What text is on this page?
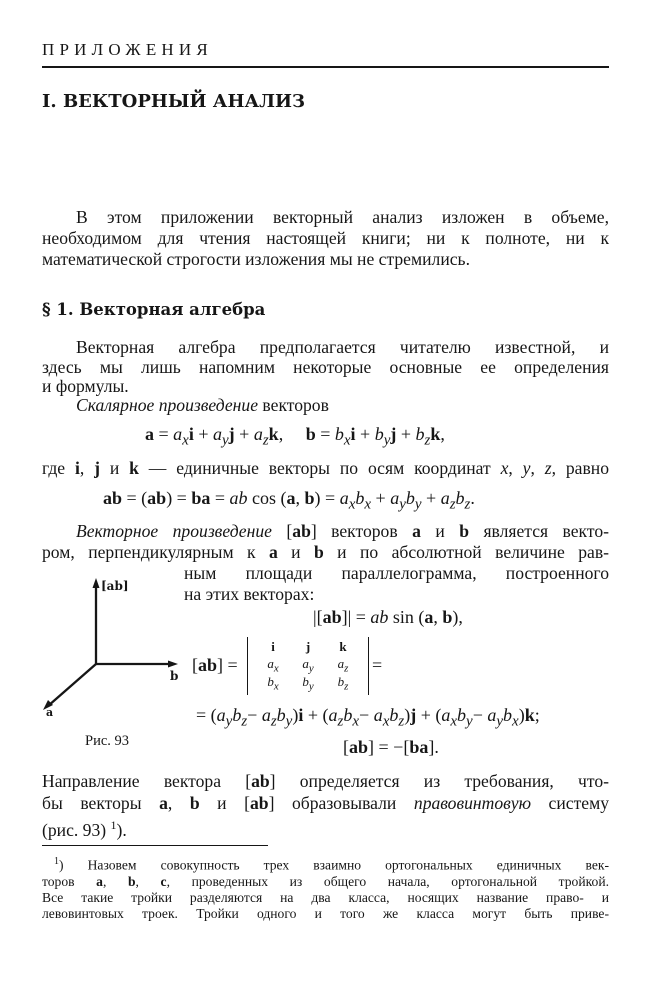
ПРИЛОЖЕНИЯ
I. ВЕКТОРНЫЙ АНАЛИЗ
В этом приложении векторный анализ изложен в объеме,
необходимом для чтения настоящей книги; ни к полноте, ни к
математической строгости изложения мы не стремились.
§ 1. Векторная алгебра
Векторная алгебра предполагается читателю известной, и
здесь мы лишь напомним некоторые основные ее определения
и формулы.
Скалярное произведение векторов
$a = a_xi + a_yj + a_zk$,     $b = b_xi + b_yj + b_zk$,
где i, j и k — единичные векторы по осям координат x, y, z, равно
ab = (ab) = ba = ab cos (a, $b) = a_xb_x + a_yb_y + a_zb_z$.
Векторное произведение [ab] векторов a и b является векто-
ром, перпендикулярным к a и b и по абсолютной величине рав-
ным площади параллелограмма, построенного
на этих векторах:
[ab]
b
a
Рис. 93
|[ab]| = ab sin (a, b),
[ab] =
i	j	k
$a_x$	$a_y$	$a_z$
$b_x$	$b_y$	$b_z$
=
= $(a_yb_z- a_zb_y)i + (a_zb_x- a_xb_z)j + (a_xb_y- a_yb_x)k$;
[ab] = −[ba].
Направление вектора [ab] определяется из требования, что-
бы векторы a, b и [ab] образовывали правовинтовую систему
(рис. 93) $^1$).
$^1$) Назовем совокупность трех взаимно ортогональных единичных век-
торов a, b, c, проведенных из общего начала, ортогональной тройкой.
Все такие тройки разделяются на два класса, носящих название право- и
левовинтовых троек. Тройки одного и того же класса могут быть приве-
